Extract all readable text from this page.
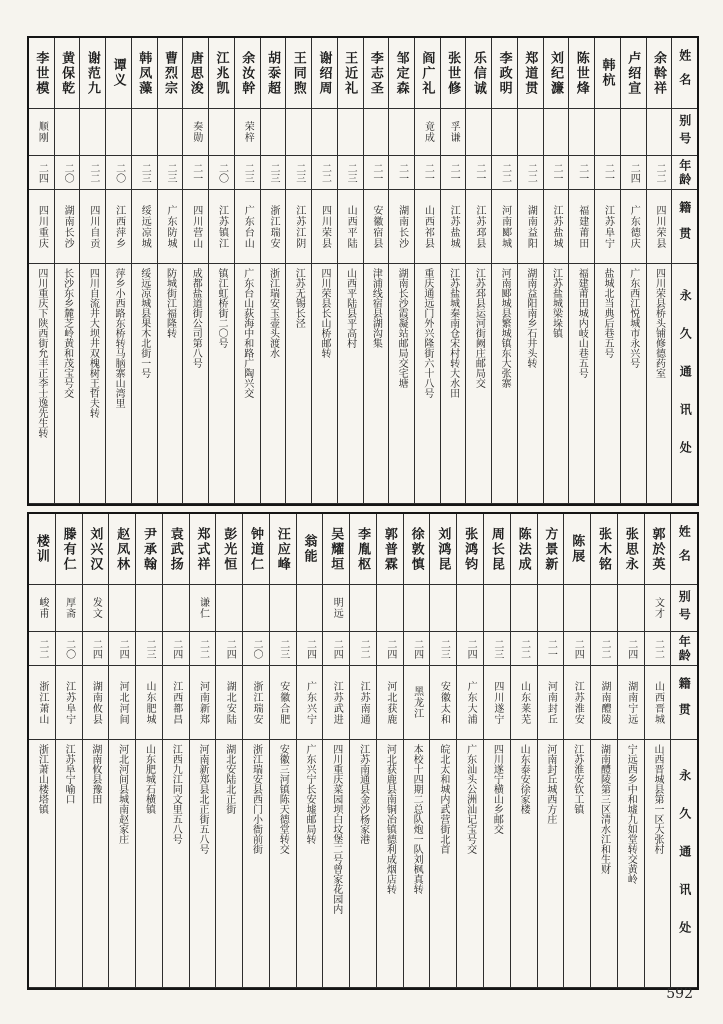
李世模
顺刚
二四
四川重庆
四川重庆下陕西街允丰正李士逸先生转
黄保乾
二〇
湖南长沙
长沙东乡麓芝岭黄和茂宝号交
谢范九
二二
四川自贡
四川自流井大坝井双槐树王哲夫转
谭义
二〇
江西萍乡
萍乡小西路东桥转马脑寨山湾里
韩凤藻
二三
绥远凉城
绥远凉城县果木北街一号
曹烈宗
二三
广东防城
防城街江福隆转
唐思浚
奏勋
二一
四川营山
成都盐道街公司第八号
江兆凯
二〇
江苏镇江
镇江虹桥街二〇号
余汝幹
荣梓
二三
广东台山
广东台山荻海中和路广陶兴交
胡沗超
二三
浙江瑞安
浙江瑞安玉壶头渡水
王同煦
二三
江苏江阴
江苏无锡长泾
谢绍周
二二
四川荣县
四川荣县长山桥邮转
王近礼
二三
山西平陆
山西平陆县平高村
李志圣
二一
安徽宿县
津浦线宿县湖沟集
邹定森
二一
湖南长沙
湖南长沙霞凝站邮局交宅塘
阎广礼
竟成
二一
山西祁县
重庆通远门外兴隆街六十八号
张世修
孚谦
二一
江苏盐城
江苏盐城秦南仓宋村转大水田
乐信诚
二一
江苏邳县
江苏邳县运河街阙庄邮局交
李政明
二二
河南郾城
河南郾城县繁城镇东大张寨
郑道贯
二二
湖南益阳
湖南益阳南乡石井头转
刘纪濂
二一
江苏盐城
江苏盐城梁垛镇
陈世烽
二一
福建莆田
福建莆田城内岐山巷五号
韩杭
二一
江苏阜宁
盐城北当典后巷五号
卢绍宣
二四
广东德庆
广东西江悦城市永兴号
余斡祥
二二
四川荣县
四川荣县桥头铺修德药室
姓名
别号
年龄
籍贯
永久通讯处
楼训
峻甫
二二
浙江萧山
浙江萧山楼塔镇
滕有仁
厚斋
二〇
江苏阜宁
江苏阜宁喻口
刘兴汉
发文
二四
湖南攸县
湖南攸县豫田
赵凤林
二四
河北河间
河北河间县城南赵家庄
尹承翰
二三
山东肥城
山东肥城石横镇
袁武扬
二四
江西都昌
江西九江同文里五八号
郑式祥
谦仁
二二
河南新郑
河南新郑县北正街五八号
彭光恒
二四
湖北安陆
湖北安陆北正街
钟道仁
二〇
浙江瑞安
浙江瑞安县西门小衙前街
汪应峰
二三
安徽合肥
安徽三河镇陈天德堂转交
翁能
二四
广东兴宁
广东兴宁长安墟邮局转
吴耀垣
明远
二四
江苏武进
四川重庆菜园坝白坟堡二号曾家花园内
李胤枢
二二
江苏南通
江苏南通县金沙杨家港
郭普霖
二四
河北获鹿
河北获鹿县南铜冶镇德利成烟店转
徐敦慎
二四
黑龙江
本校十四期二总队炮一队刘枫真转
刘鸿昆
二三
安徽太和
皖北太和城内武营街北首
张鸿钧
二四
广东大浦
广东汕头公洲汕记宝号交
周长昆
二三
四川遂宁
四川遂宁横山乡邮交
陈法成
二二
山东莱芜
山东泰安徐家楼
方景新
二一
河南封丘
河南封丘城西方庄
陈展
二四
江苏淮安
江苏淮安钦工镇
张木铭
二二
湖南醴陵
湖南醴陵第三区清水江和生财
张思永
二四
湖南宁远
宁远西乡中和墟九如堂转交黄岭
郭於英
文才
二二
山西晋城
山西晋城县第一区大张村
姓名
别号
年龄
籍贯
永久通讯处
592
